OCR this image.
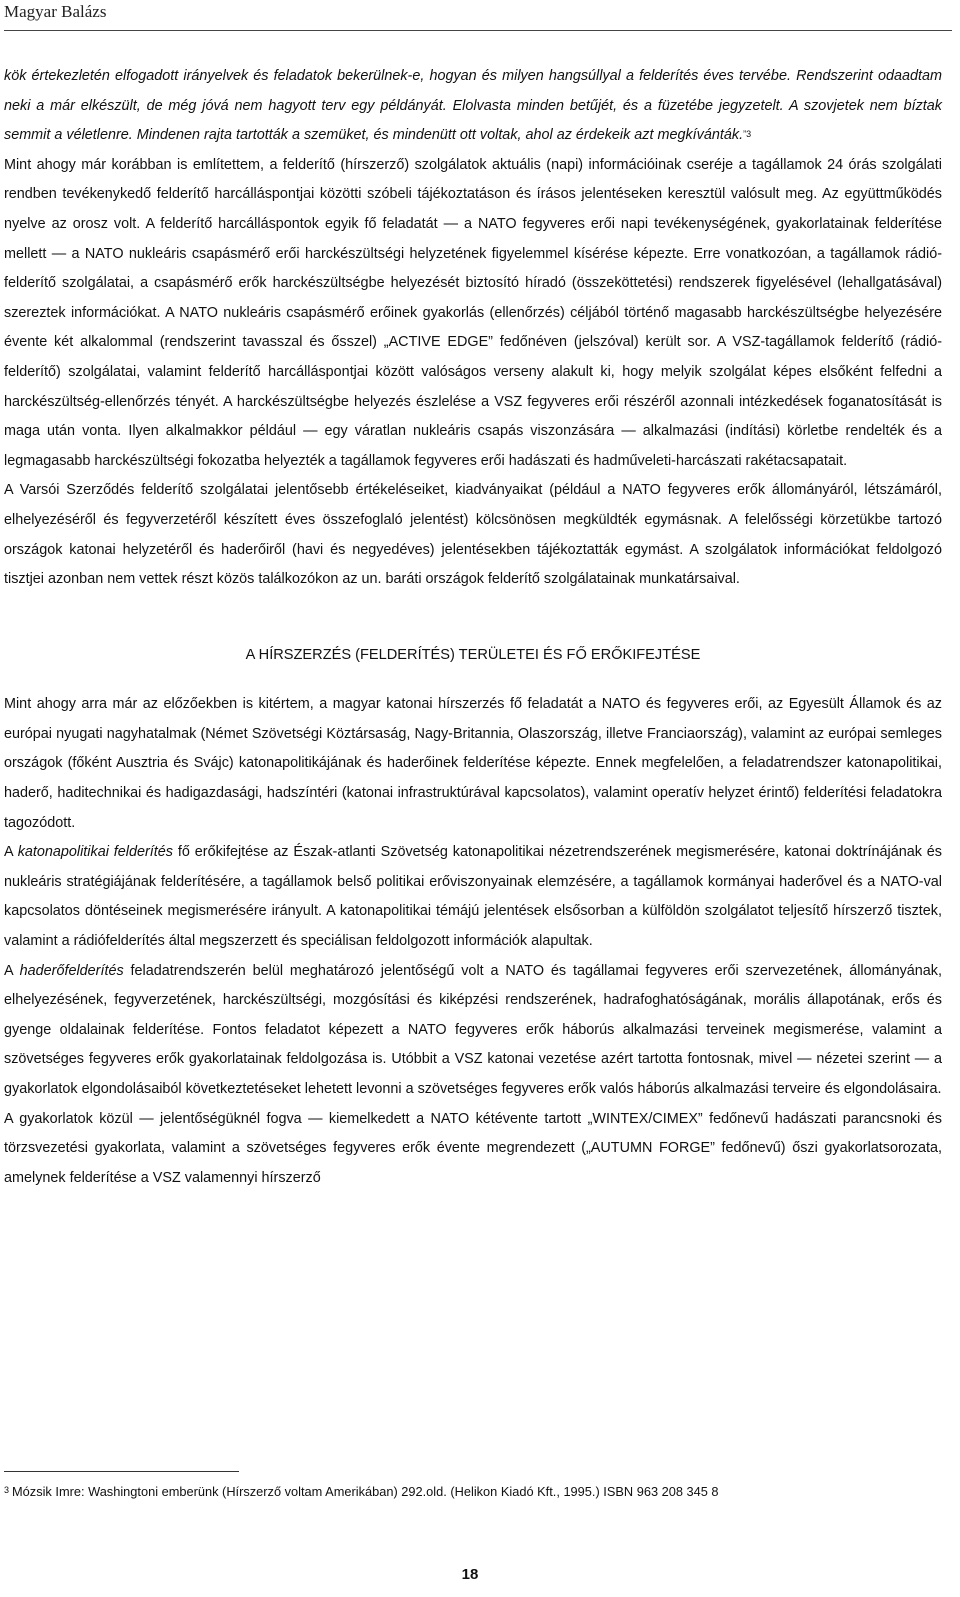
Magyar Balázs

kök értekezletén elfogadott irányelvek és feladatok bekerülnek-e, hogyan és milyen hangsúllyal a felderítés éves tervébe. Rendszerint odaadtam neki a már elkészült, de még jóvá nem hagyott terv egy példányát. Elolvasta minden betűjét, és a füzetébe jegyzetelt. A szovjetek nem bíztak semmit a véletlenre. Mindenen rajta tartották a szemüket, és mindenütt ott voltak, ahol az érdekeik azt megkívánták.$^{”3}$

Mint ahogy már korábban is említettem, a felderítő (hírszerző) szolgálatok aktuális (napi) információinak cseréje a tagállamok 24 órás szolgálati rendben tevékenykedő felderítő harcálláspontjai közötti szóbeli tájékoztatáson és írásos jelentéseken keresztül valósult meg. Az együttműködés nyelve az orosz volt. A felderítő harcálláspontok egyik fő feladatát — a NATO fegyveres erői napi tevékenységének, gyakorlatainak felderítése mellett — a NATO nukleáris csapásmérő erői harckészültségi helyzetének figyelemmel kísérése képezte. Erre vonatkozóan, a tagállamok rádió-felderítő szolgálatai, a csapásmérő erők harckészültségbe helyezését biztosító híradó (összeköttetési) rendszerek figyelésével (lehallgatásával) szereztek információkat. A NATO nukleáris csapásmérő erőinek gyakorlás (ellenőrzés) céljából történő magasabb harckészültségbe helyezésére évente két alkalommal (rendszerint tavasszal és ősszel) „ACTIVE EDGE” fedőnéven (jelszóval) került sor. A VSZ-tagállamok felderítő (rádió-felderítő) szolgálatai, valamint felderítő harcálláspontjai között valóságos verseny alakult ki, hogy melyik szolgálat képes elsőként felfedni a harckészültség-ellenőrzés tényét. A harckészültségbe helyezés észlelése a VSZ fegyveres erői részéről azonnali intézkedések foganatosítását is maga után vonta. Ilyen alkalmakkor például — egy váratlan nukleáris csapás viszonzására — alkalmazási (indítási) körletbe rendelték és a legmagasabb harckészültségi fokozatba helyezték a tagállamok fegyveres erői hadászati és hadműveleti-harcászati rakétacsapatait.

A Varsói Szerződés felderítő szolgálatai jelentősebb értékeléseiket, kiadványaikat (például a NATO fegyveres erők állományáról, létszámáról, elhelyezéséről és fegyverzetéről készített éves összefoglaló jelentést) kölcsönösen megküldték egymásnak. A felelősségi körzetükbe tartozó országok katonai helyzetéről és haderőiről (havi és negyedéves) jelentésekben tájékoztatták egymást. A szolgálatok információkat feldolgozó tisztjei azonban nem vettek részt közös találkozókon az un. baráti országok felderítő szolgálatainak munkatársaival.

A HÍRSZERZÉS (FELDERÍTÉS) TERÜLETEI ÉS FŐ ERŐKIFEJTÉSE

Mint ahogy arra már az előzőekben is kitértem, a magyar katonai hírszerzés fő feladatát a NATO és fegyveres erői, az Egyesült Államok és az európai nyugati nagyhatalmak (Német Szövetségi Köztársaság, Nagy-Britannia, Olaszország, illetve Franciaország), valamint az európai semleges országok (főként Ausztria és Svájc) katonapolitikájának és haderőinek felderítése képezte. Ennek megfelelően, a feladatrendszer katonapolitikai, haderő, haditechnikai és hadigazdasági, hadszíntéri (katonai infrastruktúrával kapcsolatos), valamint operatív helyzet érintő) felderítési feladatokra tagozódott.

A katonapolitikai felderítés fő erőkifejtése az Észak-atlanti Szövetség katonapolitikai nézetrendszerének megismerésére, katonai doktrínájának és nukleáris stratégiájának felderítésére, a tagállamok belső politikai erőviszonyainak elemzésére, a tagállamok kormányai haderővel és a NATO-val kapcsolatos döntéseinek megismerésére irányult. A katonapolitikai témájú jelentések elsősorban a külföldön szolgálatot teljesítő hírszerző tisztek, valamint a rádiófelderítés által megszerzett és speciálisan feldolgozott információk alapultak.

A haderőfelderítés feladatrendszerén belül meghatározó jelentőségű volt a NATO és tagállamai fegyveres erői szervezetének, állományának, elhelyezésének, fegyverzetének, harckészültségi, mozgósítási és kiképzési rendszerének, hadrafoghatóságának, morális állapotának, erős és gyenge oldalainak felderítése. Fontos feladatot képezett a NATO fegyveres erők háborús alkalmazási terveinek megismerése, valamint a szövetséges fegyveres erők gyakorlatainak feldolgozása is. Utóbbit a VSZ katonai vezetése azért tartotta fontosnak, mivel — nézetei szerint — a gyakorlatok elgondolásaiból következtetéseket lehetett levonni a szövetséges fegyveres erők valós háborús alkalmazási terveire és elgondolásaira.

A gyakorlatok közül — jelentőségüknél fogva — kiemelkedett a NATO kétévente tartott „WINTEX/CIMEX” fedőnevű hadászati parancsnoki és törzsvezetési gyakorlata, valamint a szövetséges fegyveres erők évente megrendezett („AUTUMN FORGE” fedőnevű) őszi gyakorlatsorozata, amelynek felderítése a VSZ valamennyi hírszerző

$^3$ Mózsik Imre: Washingtoni emberünk (Hírszerző voltam Amerikában) 292.old. (Helikon Kiadó Kft., 1995.) ISBN 963 208 345 8
18
